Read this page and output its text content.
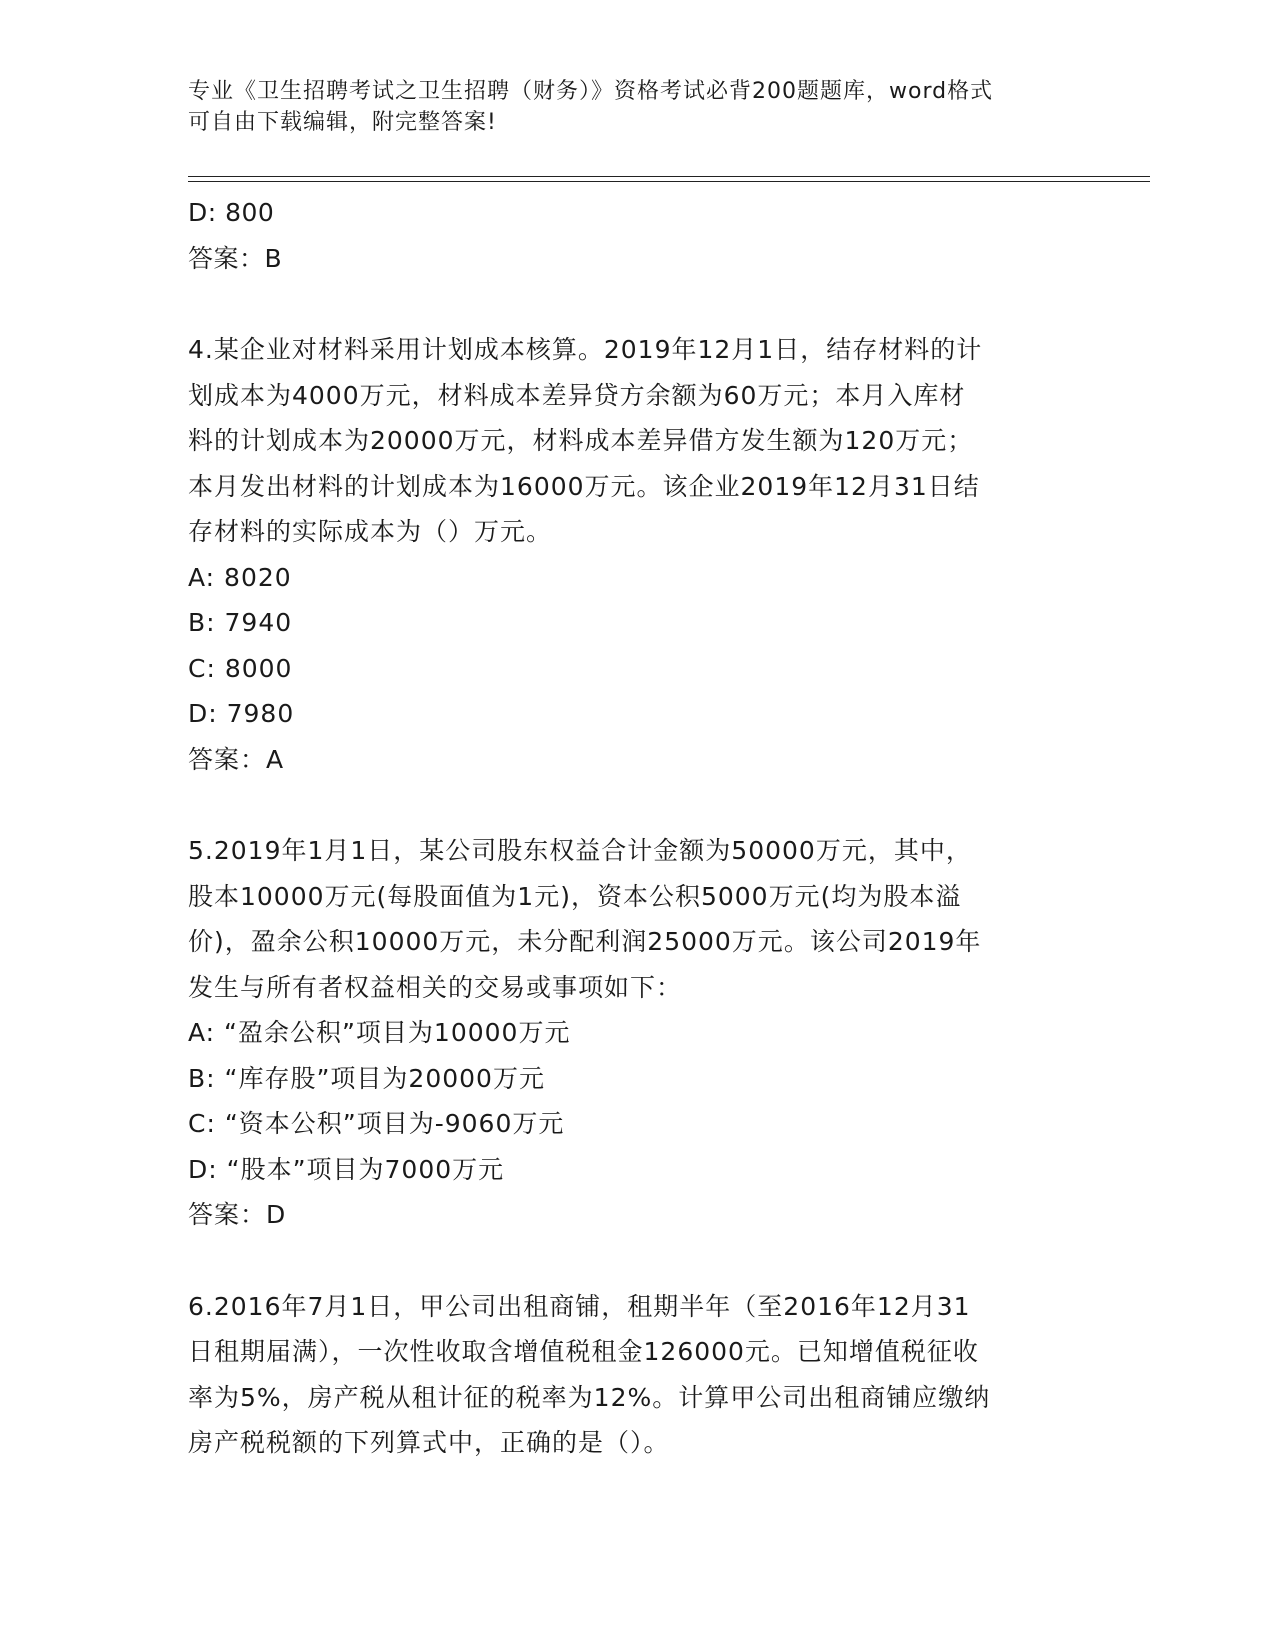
专业《卫生招聘考试之卫生招聘（财务）》资格考试必背200题题库，word格式
可自由下载编辑，附完整答案!
D: 800
答案：B
4.某企业对材料采用计划成本核算。2019年12月1日，结存材料的计
划成本为4000万元，材料成本差异贷方余额为60万元；本月入库材
料的计划成本为20000万元，材料成本差异借方发生额为120万元；
本月发出材料的计划成本为16000万元。该企业2019年12月31日结
存材料的实际成本为（）万元。
A: 8020
B: 7940
C: 8000
D: 7980
答案：A
5.2019年1月1日，某公司股东权益合计金额为50000万元，其中，
股本10000万元(每股面值为1元)，资本公积5000万元(均为股本溢
价)，盈余公积10000万元，未分配利润25000万元。该公司2019年
发生与所有者权益相关的交易或事项如下：
A: “盈余公积”项目为10000万元
B: “库存股”项目为20000万元
C: “资本公积”项目为-9060万元
D: “股本”项目为7000万元
答案：D
6.2016年7月1日，甲公司出租商铺，租期半年（至2016年12月31
日租期届满），一次性收取含增值税租金126000元。已知增值税征收
率为5%，房产税从租计征的税率为12%。计算甲公司出租商铺应缴纳
房产税税额的下列算式中，正确的是（）。
